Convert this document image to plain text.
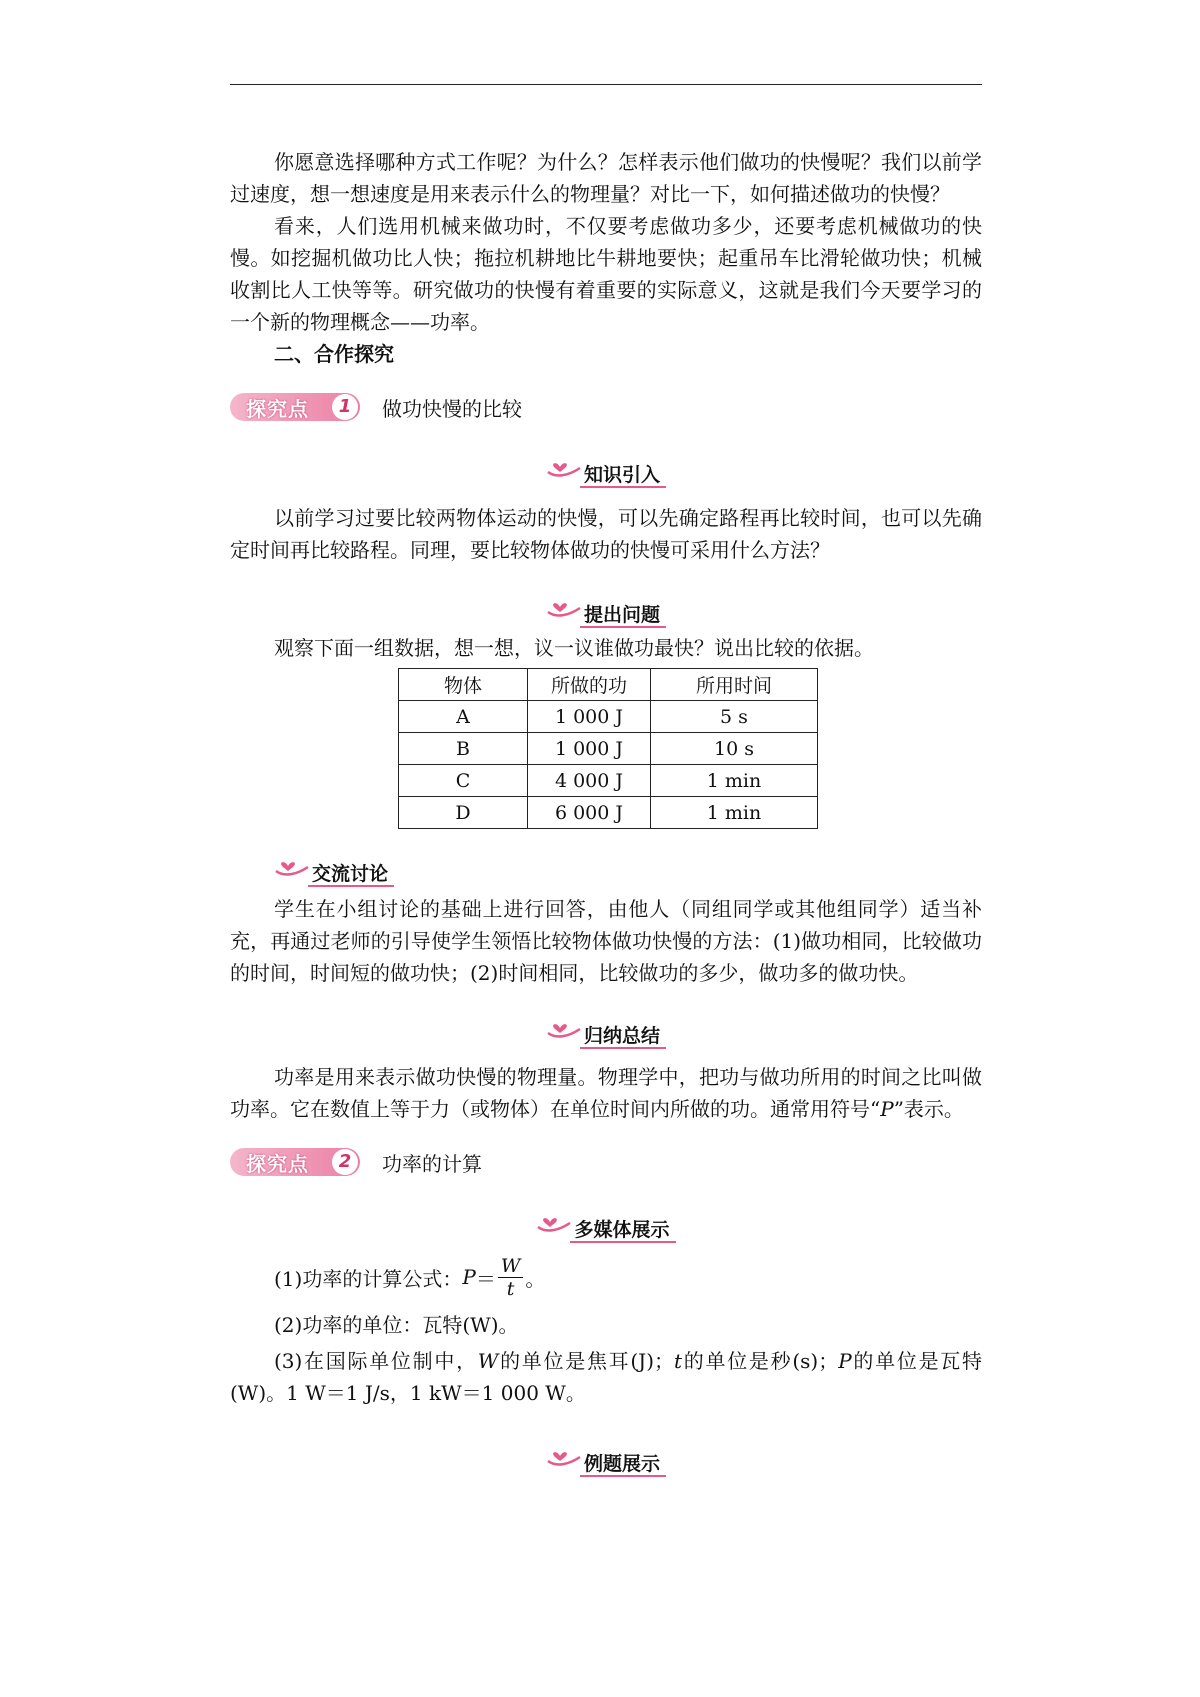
你愿意选择哪种方式工作呢？为什么？怎样表示他们做功的快慢呢？我们以前学过速度，想一想速度是用来表示什么的物理量？对比一下，如何描述做功的快慢？

看来，人们选用机械来做功时，不仅要考虑做功多少，还要考虑机械做功的快慢。如挖掘机做功比人快；拖拉机耕地比牛耕地要快；起重吊车比滑轮做功快；机械收割比人工快等等。研究做功的快慢有着重要的实际意义，这就是我们今天要学习的一个新的物理概念——功率。

二、合作探究
探究点	1	做功快慢的比较
知识引入

以前学习过要比较两物体运动的快慢，可以先确定路程再比较时间，也可以先确定时间再比较路程。同理，要比较物体做功的快慢可采用什么方法？

提出问题

观察下面一组数据，想一想，议一议谁做功最快？说出比较的依据。

物体	所做的功	所用时间
A	1 000 J	5 s
B	1 000 J	10 s
C	4 000 J	1 min
D	6 000 J	1 min
交流讨论

学生在小组讨论的基础上进行回答，由他人（同组同学或其他组同学）适当补充，再通过老师的引导使学生领悟比较物体做功快慢的方法：(1)做功相同，比较做功的时间，时间短的做功快；(2)时间相同，比较做功的多少，做功多的做功快。

归纳总结

功率是用来表示做功快慢的物理量。物理学中，把功与做功所用的时间之比叫做功率。它在数值上等于力（或物体）在单位时间内所做的功。通常用符号“P”表示。

探究点	2	功率的计算
多媒体展示
(1)功率的计算公式： $P = \frac{W}{t}$ 。

(2)功率的单位：瓦特(W)。

(3)在国际单位制中，W的单位是焦耳(J)；t的单位是秒(s)；P的单位是瓦特(W)。1 W＝1 J/s，1 kW＝1 000 W。

例题展示
